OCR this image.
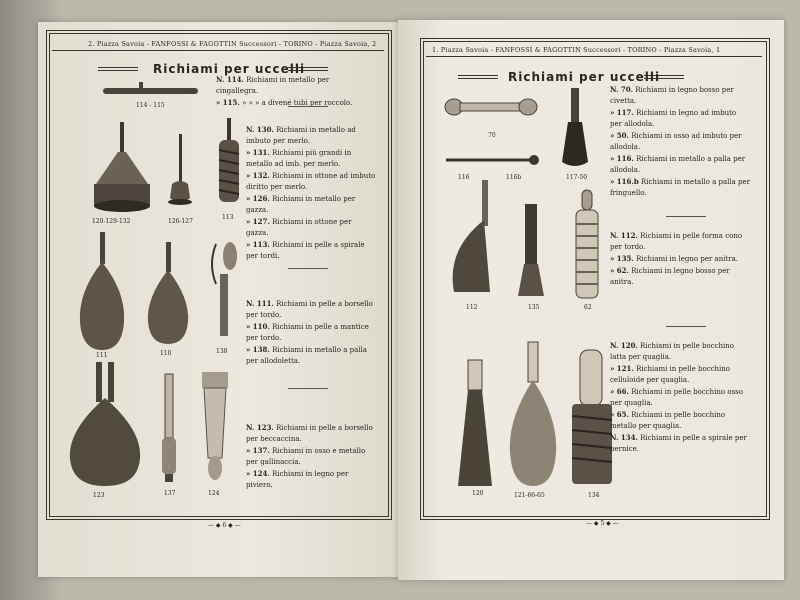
2. Piazza Savoia - FANFOSSI & FAGOTTIN Successori - TORINO - Piazza Savoia, 2
Richiami per uccelli
114 - 115
120-129-132	126-127
113
111	110	138
123	137	124
N. 114. Richiami in metallo per cingallegra.
» 115. » » » a divené tubi per roccolo.
N. 130. Richiami in metallo ad imbuto per merlo.
» 131. Richiami più grandi in metallo ad imb. per merlo.
» 132. Richiami in ottone ad imbuto diritto per merlo.
» 126. Richiami in metallo per gazza.
» 127. Richiami in ottone per gazza.
» 113. Richiami in pelle a spirale per tordi.
N. 111. Richiami in pelle a borsello per tordo.
» 110. Richiami in pelle a mantice per tordo.
» 138. Richiami in metallo a palla per allodoletta.
N. 123. Richiami in pelle a borsello per beccaccina.
» 137. Richiami in osso e metallo per gallinaccia.
» 124. Richiami in legno per piviero.
— ◆ 6 ◆ —
1. Piazza Savoia - FANFOSSI & FAGOTTIN Successori - TORINO - Piazza Savoia, 1
Richiami per uccelli
70
116	116b	117-50
112	135	62
120	121-66-65	134
N. 70. Richiami in legno bosso per civetta.
» 117. Richiami in legno ad imbuto per allodola.
» 50. Richiami in osso ad imbuto per allodola.
» 116. Richiami in metallo a palla per allodola.
» 116.b Richiami in metallo a palla per fringuello.
N. 112. Richiami in pelle forma cono per tordo.
» 135. Richiami in legno per anitra.
» 62. Richiami in legno bosso per anitra.
N. 120. Richiami in pelle bocchino latta per quaglia.
» 121. Richiami in pelle bocchino celluloide per quaglia.
» 66. Richiami in pelle bocchino osso per quaglia.
» 65. Richiami in pelle bocchino metallo per quaglia.
N. 134. Richiami in pelle a spirale per pernice.
— ◆ 5 ◆ —
